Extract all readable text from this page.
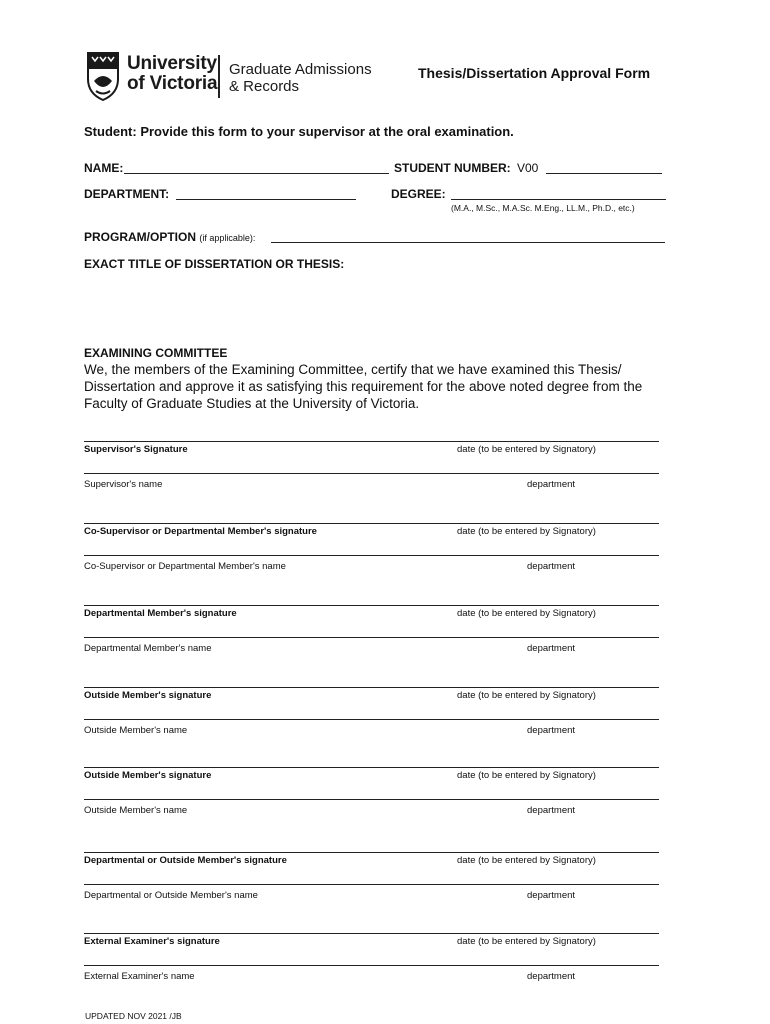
University
of Victoria
Graduate Admissions
& Records
Thesis/Dissertation Approval Form
Student: Provide this form to your supervisor at the oral examination.
NAME:	STUDENT NUMBER: V00
DEPARTMENT:	DEGREE:
(M.A., M.Sc., M.A.Sc. M.Eng., LL.M., Ph.D., etc.)
PROGRAM/OPTION (if applicable):
EXACT TITLE OF DISSERTATION OR THESIS:
EXAMINING COMMITTEE
We, the members of the Examining Committee, certify that we have examined this Thesis/ Dissertation and approve it as satisfying this requirement for the above noted degree from the Faculty of Graduate Studies at the University of Victoria.
Supervisor's Signature	date (to be entered by Signatory)
Supervisor's name	department
Co-Supervisor or Departmental Member's signature	date (to be entered by Signatory)
Co-Supervisor or Departmental Member's name	department
Departmental Member's signature	date (to be entered by Signatory)
Departmental Member's name	department
Outside Member's signature	date (to be entered by Signatory)
Outside Member's name	department
Outside Member's signature	date (to be entered by Signatory)
Outside Member's name	department
Departmental or Outside Member's signature	date (to be entered by Signatory)
Departmental or Outside Member's name	department
External Examiner's signature	date (to be entered by Signatory)
External Examiner's name	department
UPDATED NOV 2021 /JB
